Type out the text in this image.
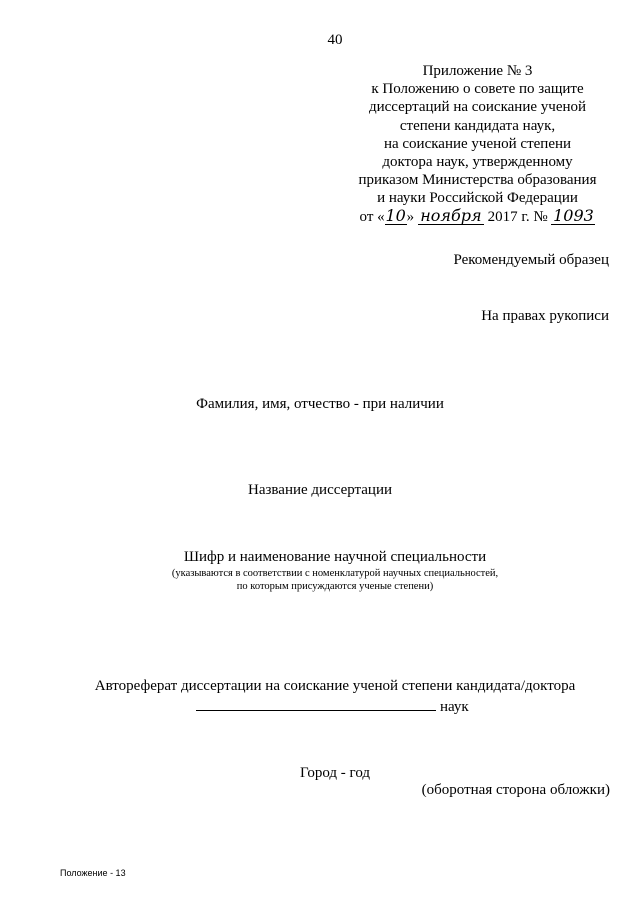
40
Приложение № 3
к Положению о совете по защите
диссертаций на соискание ученой
степени кандидата наук,
на соискание ученой степени
доктора наук, утвержденному
приказом Министерства образования
и науки Российской Федерации
от «10» ноября 2017 г. № 1093
Рекомендуемый образец
На правах рукописи
Фамилия, имя, отчество - при наличии
Название диссертации
Шифр и наименование научной специальности
(указываются в соответствии с номенклатурой научных специальностей,
по которым присуждаются ученые степени)
Автореферат диссертации на соискание ученой степени кандидата/доктора
наук
Город - год
(оборотная сторона обложки)
Положение - 13
